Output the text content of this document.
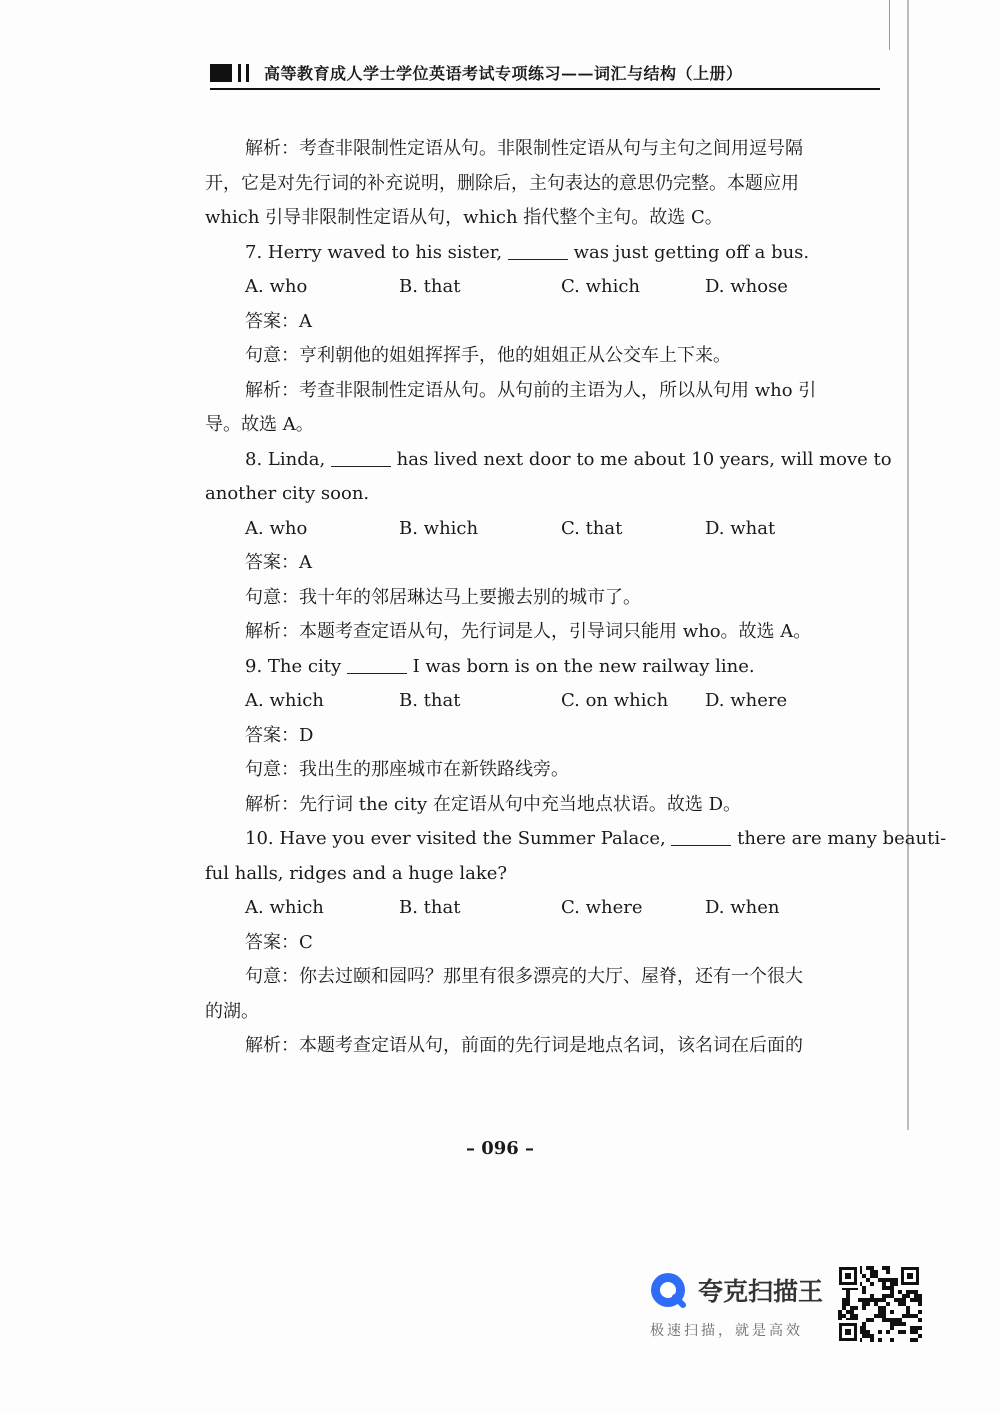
高等教育成人学士学位英语考试专项练习——词汇与结构（上册）
解析：考查非限制性定语从句。非限制性定语从句与主句之间用逗号隔
开，它是对先行词的补充说明，删除后，主句表达的意思仍完整。本题应用
which 引导非限制性定语从句，which 指代整个主句。故选 C。
7. Herry waved to his sister,	was just getting off a bus.
A. who	B. that	C. which	D. whose
答案：A
句意：亨利朝他的姐姐挥挥手，他的姐姐正从公交车上下来。
解析：考查非限制性定语从句。从句前的主语为人，所以从句用 who 引
导。故选 A。
8. Linda,	has lived next door to me about 10 years, will move to
another city soon.
A. who	B. which	C. that	D. what
答案：A
句意：我十年的邻居琳达马上要搬去别的城市了。
解析：本题考查定语从句，先行词是人，引导词只能用 who。故选 A。
9. The city	I was born is on the new railway line.
A. which	B. that	C. on which D. where
答案：D
句意：我出生的那座城市在新铁路线旁。
解析：先行词 the city 在定语从句中充当地点状语。故选 D。
10. Have you ever visited the Summer Palace,	there are many beauti-
ful halls, ridges and a huge lake?
A. which	B. that	C. where	D. when
答案：C
句意：你去过颐和园吗？那里有很多漂亮的大厅、屋脊，还有一个很大
的湖。
解析：本题考查定语从句，前面的先行词是地点名词，该名词在后面的
– 096 –
夸克扫描王
极速扫描，就是高效
